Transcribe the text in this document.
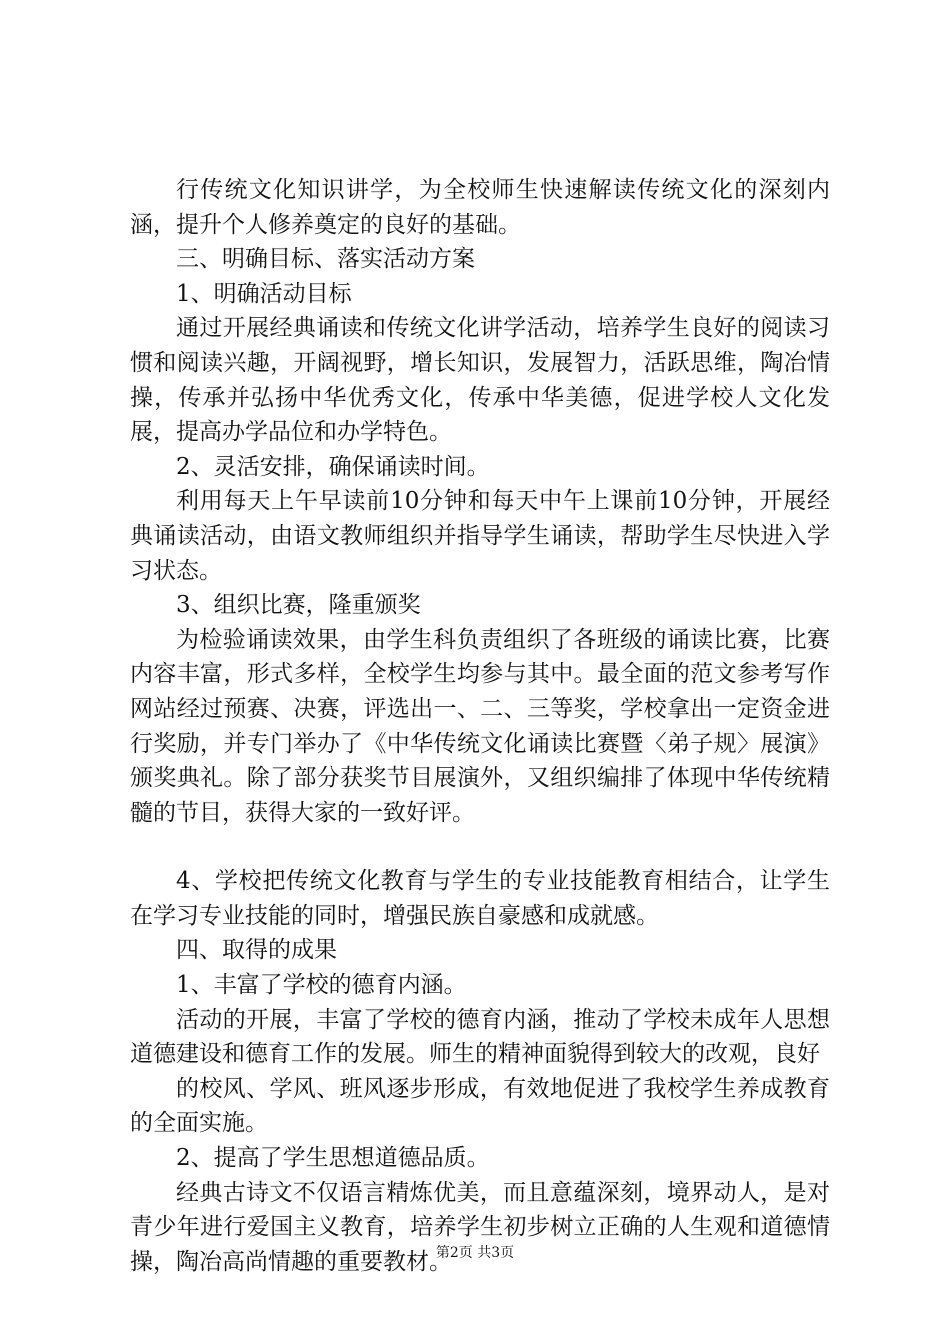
行传统文化知识讲学，为全校师生快速解读传统文化的深刻内涵，提升个人修养奠定的良好的基础。

三、明确目标、落实活动方案

1、明确活动目标

通过开展经典诵读和传统文化讲学活动，培养学生良好的阅读习惯和阅读兴趣，开阔视野，增长知识，发展智力，活跃思维，陶冶情操，传承并弘扬中华优秀文化，传承中华美德，促进学校人文化发展，提高办学品位和办学特色。

2、灵活安排，确保诵读时间。

利用每天上午早读前10分钟和每天中午上课前10分钟，开展经典诵读活动，由语文教师组织并指导学生诵读，帮助学生尽快进入学习状态。

3、组织比赛，隆重颁奖

为检验诵读效果，由学生科负责组织了各班级的诵读比赛，比赛内容丰富，形式多样，全校学生均参与其中。最全面的范文参考写作网站经过预赛、决赛，评选出一、二、三等奖，学校拿出一定资金进行奖励，并专门举办了《中华传统文化诵读比赛暨〈弟子规〉展演》颁奖典礼。除了部分获奖节目展演外，又组织编排了体现中华传统精髓的节目，获得大家的一致好评。

4、学校把传统文化教育与学生的专业技能教育相结合，让学生在学习专业技能的同时，增强民族自豪感和成就感。

四、取得的成果

1、丰富了学校的德育内涵。

活动的开展，丰富了学校的德育内涵，推动了学校未成年人思想道德建设和德育工作的发展。师生的精神面貌得到较大的改观，良好

的校风、学风、班风逐步形成，有效地促进了我校学生养成教育的全面实施。

2、提高了学生思想道德品质。

经典古诗文不仅语言精炼优美，而且意蕴深刻，境界动人，是对青少年进行爱国主义教育，培养学生初步树立正确的人生观和道德情操，陶冶高尚情趣的重要教材。

第2页 共3页
